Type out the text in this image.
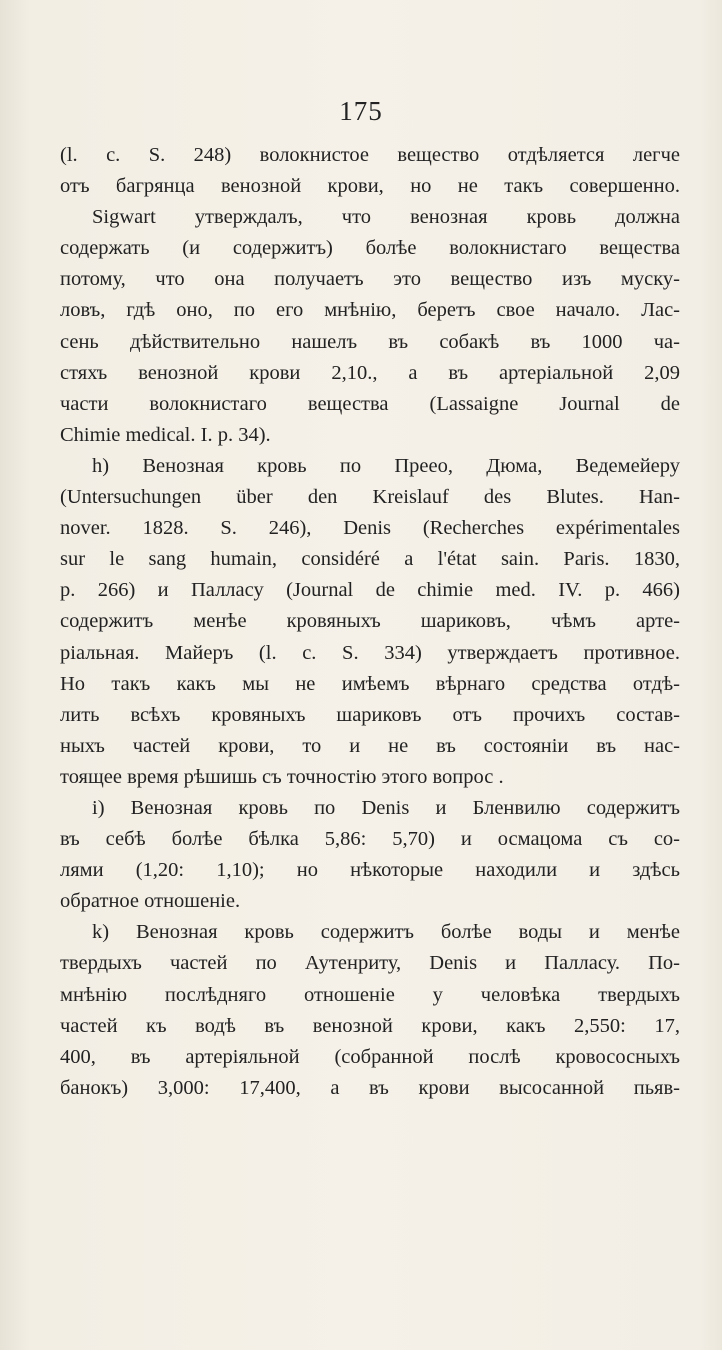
175
(l. c. S. 248) волокнистое вещество отдѣляется легче
отъ багрянца венозной крови, но не такъ совершенно.
Sigwart утверждалъ, что венозная кровь должна
содержать (и содержитъ) болѣе волокнистаго вещества
потому, что она получаетъ это вещество изъ муску-
ловъ, гдѣ оно, по его мнѣнію, беретъ свое начало. Лас-
сень дѣйствительно нашелъ въ собакѣ въ 1000 ча-
стяхъ венозной крови 2,10., а въ артеріальной 2,09
части волокнистаго вещества (Lassaigne Journal de
Chimie medical. I. p. 34).
h) Венозная кровь по Преео, Дюма, Ведемейеру
(Untersuchungen über den Kreislauf des Blutes. Han-
nover. 1828. S. 246), Denis (Recherches expérimentales
sur le sang humain, considéré a l'état sain. Paris. 1830,
p. 266) и Палласу (Journal de chimie med. IV. p. 466)
содержитъ менѣе кровяныхъ шариковъ, чѣмъ арте-
ріальная. Майеръ (l. c. S. 334) утверждаетъ противное.
Но такъ какъ мы не имѣемъ вѣрнаго средства отдѣ-
лить всѣхъ кровяныхъ шариковъ отъ прочихъ состав-
ныхъ частей крови, то и не въ состояніи въ нас-
тоящее время рѣшишь съ точностію этого вопрос .
i) Венозная кровь по Denis и Бленвилю содержитъ
въ себѣ болѣе бѣлка 5,86: 5,70) и осмацома съ со-
лями (1,20: 1,10); но нѣкоторые находили и здѣсь
обратное отношеніе.
k) Венозная кровь содержитъ болѣе воды и менѣе
твердыхъ частей по Аутенриту, Denis и Палласу. По-
мнѣнію послѣдняго отношеніе у человѣка твердыхъ
частей къ водѣ въ венозной крови, какъ 2,550: 17,
400, въ артеріяльной (собранной послѣ кровососныхъ
банокъ) 3,000: 17,400, а въ крови высосанной пьяв-
